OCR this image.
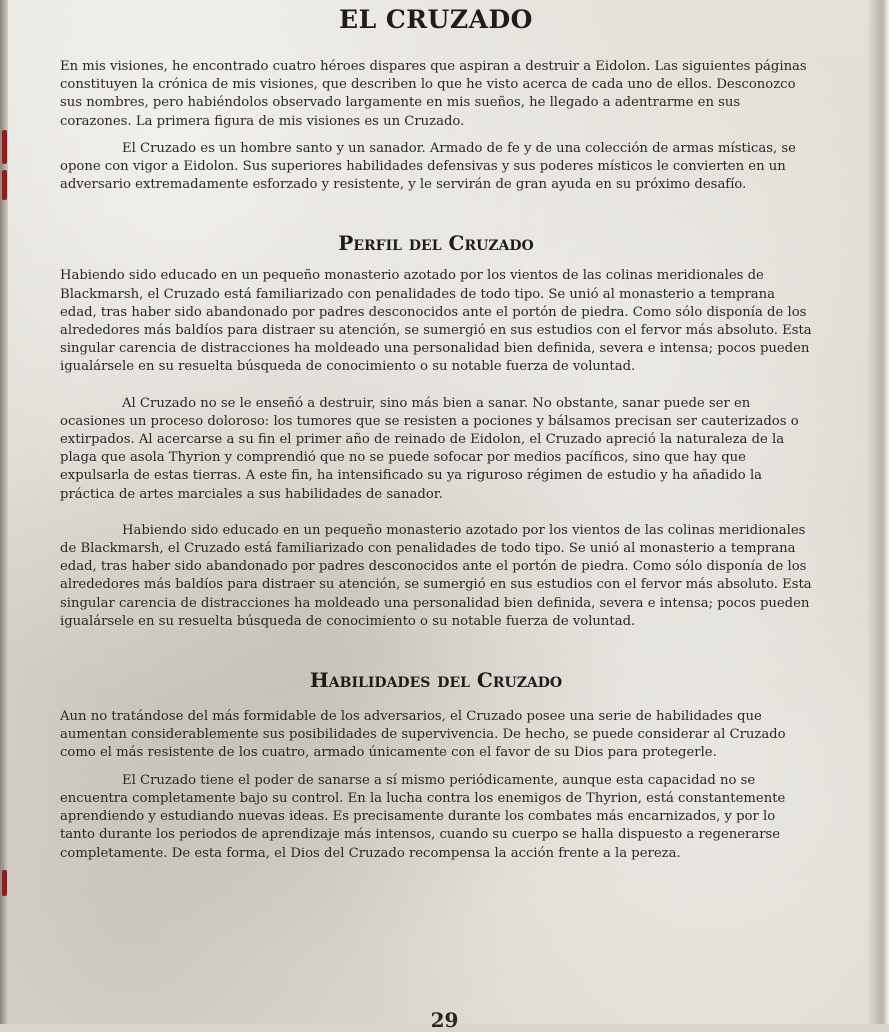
EL CRUZADO

En mis visiones, he encontrado cuatro héroes dispares que aspiran a destruir a Eidolon. Las siguientes páginas constituyen la crónica de mis visiones, que describen lo que he visto acerca de cada uno de ellos. Desconozco sus nombres, pero habiéndolos observado largamente en mis sueños, he llegado a adentrarme en sus corazones. La primera figura de mis visiones es un Cruzado.

El Cruzado es un hombre santo y un sanador. Armado de fe y de una colección de armas místicas, se opone con vigor a Eidolon. Sus superiores habilidades defensivas y sus poderes místicos le convierten en un adversario extremadamente esforzado y resistente, y le servirán de gran ayuda en su próximo desafío.

Perfil del Cruzado

Habiendo sido educado en un pequeño monasterio azotado por los vientos de las colinas meridionales de Blackmarsh, el Cruzado está familiarizado con penalidades de todo tipo. Se unió al monasterio a temprana edad, tras haber sido abandonado por padres desconocidos ante el portón de piedra. Como sólo disponía de los alrededores más baldíos para distraer su atención, se sumergió en sus estudios con el fervor más absoluto. Esta singular carencia de distracciones ha moldeado una personalidad bien definida, severa e intensa; pocos pueden igualársele en su resuelta búsqueda de conocimiento o su notable fuerza de voluntad.

Al Cruzado no se le enseñó a destruir, sino más bien a sanar. No obstante, sanar puede ser en ocasiones un proceso doloroso: los tumores que se resisten a pociones y bálsamos precisan ser cauterizados o extirpados. Al acercarse a su fin el primer año de reinado de Eidolon, el Cruzado apreció la naturaleza de la plaga que asola Thyrion y comprendió que no se puede sofocar por medios pacíficos, sino que hay que expulsarla de estas tierras. A este fin, ha intensificado su ya riguroso régimen de estudio y ha añadido la práctica de artes marciales a sus habilidades de sanador.

Habiendo sido educado en un pequeño monasterio azotado por los vientos de las colinas meridionales de Blackmarsh, el Cruzado está familiarizado con penalidades de todo tipo. Se unió al monasterio a temprana edad, tras haber sido abandonado por padres desconocidos ante el portón de piedra. Como sólo disponía de los alrededores más baldíos para distraer su atención, se sumergió en sus estudios con el fervor más absoluto. Esta singular carencia de distracciones ha moldeado una personalidad bien definida, severa e intensa; pocos pueden igualársele en su resuelta búsqueda de conocimiento o su notable fuerza de voluntad.

Habilidades del Cruzado

Aun no tratándose del más formidable de los adversarios, el Cruzado posee una serie de habilidades que aumentan considerablemente sus posibilidades de supervivencia. De hecho, se puede considerar al Cruzado como el más resistente de los cuatro, armado únicamente con el favor de su Dios para protegerle.

El Cruzado tiene el poder de sanarse a sí mismo periódicamente, aunque esta capacidad no se encuentra completamente bajo su control. En la lucha contra los enemigos de Thyrion, está constantemente aprendiendo y estudiando nuevas ideas. Es precisamente durante los combates más encarnizados, y por lo tanto durante los periodos de aprendizaje más intensos, cuando su cuerpo se halla dispuesto a regenerarse completamente. De esta forma, el Dios del Cruzado recompensa la acción frente a la pereza.

29
